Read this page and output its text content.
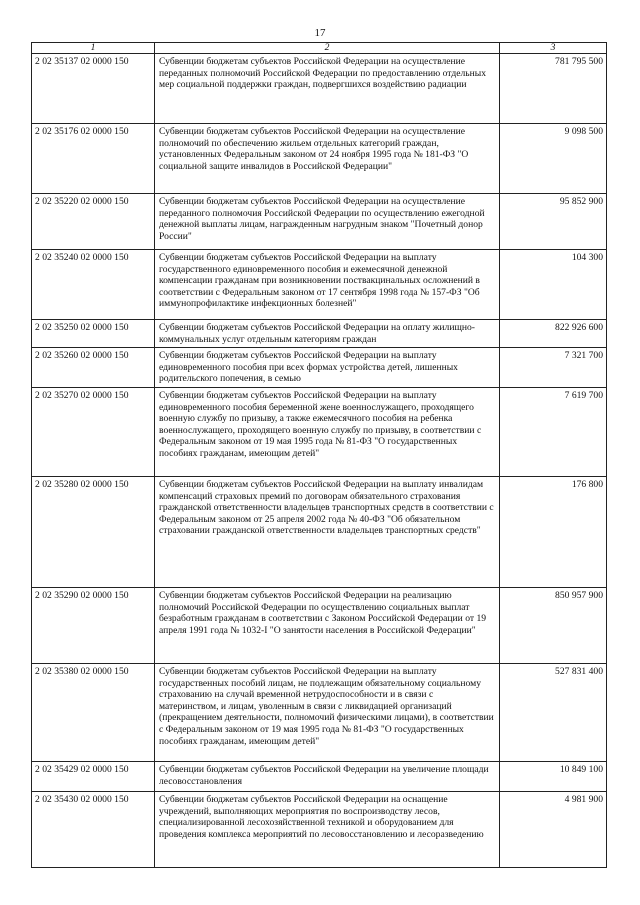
17
1	2	3
2 02 35137 02 0000 150	Субвенции бюджетам субъектов Российской Федерации на осуществление переданных полномочий Российской Федерации по предоставлению отдельных мер социальной поддержки граждан, подвергшихся воздействию радиации	781 795 500
2 02 35176 02 0000 150	Субвенции бюджетам субъектов Российской Федерации на осуществление полномочий по обеспечению жильем отдельных категорий граждан, установленных Федеральным законом от 24 ноября 1995 года № 181-ФЗ "О социальной защите инвалидов в Российской Федерации"	9 098 500
2 02 35220 02 0000 150	Субвенции бюджетам субъектов Российской Федерации на осуществление переданного полномочия Российской Федерации по осуществлению ежегодной денежной выплаты лицам, награжденным нагрудным знаком "Почетный донор России"	95 852 900
2 02 35240 02 0000 150	Субвенции бюджетам субъектов Российской Федерации на выплату государственного единовременного пособия и ежемесячной денежной компенсации гражданам при возникновении поствакцинальных осложнений в соответствии с Федеральным законом от 17 сентября 1998 года № 157-ФЗ "Об иммунопрофилактике инфекционных болезней"	104 300
2 02 35250 02 0000 150	Субвенции бюджетам субъектов Российской Федерации на оплату жилищно-коммунальных услуг отдельным категориям граждан	822 926 600
2 02 35260 02 0000 150	Субвенции бюджетам субъектов Российской Федерации на выплату единовременного пособия при всех формах устройства детей, лишенных родительского попечения, в семью	7 321 700
2 02 35270 02 0000 150	Субвенции бюджетам субъектов Российской Федерации на выплату единовременного пособия беременной жене военнослужащего, проходящего военную службу по призыву, а также ежемесячного пособия на ребенка военнослужащего, проходящего военную службу по призыву, в соответствии с Федеральным законом от 19 мая 1995 года № 81-ФЗ "О государственных пособиях гражданам, имеющим детей"	7 619 700
2 02 35280 02 0000 150	Субвенции бюджетам субъектов Российской Федерации на выплату инвалидам компенсаций страховых премий по договорам обязательного страхования гражданской ответственности владельцев транспортных средств в соответствии с Федеральным законом от 25 апреля 2002 года № 40-ФЗ "Об обязательном страховании гражданской ответственности владельцев транспортных средств"	176 800
2 02 35290 02 0000 150	Субвенции бюджетам субъектов Российской Федерации на реализацию полномочий Российской Федерации по осуществлению социальных выплат безработным гражданам в соответствии с Законом Российской Федерации от 19 апреля 1991 года № 1032-I "О занятости населения в Российской Федерации"	850 957 900
2 02 35380 02 0000 150	Субвенции бюджетам субъектов Российской Федерации на выплату государственных пособий лицам, не подлежащим обязательному социальному страхованию на случай временной нетрудоспособности и в связи с материнством, и лицам, уволенным в связи с ликвидацией организаций (прекращением деятельности, полномочий физическими лицами), в соответствии с Федеральным законом от 19 мая 1995 года № 81-ФЗ "О государственных пособиях гражданам, имеющим детей"	527 831 400
2 02 35429 02 0000 150	Субвенции бюджетам субъектов Российской Федерации на увеличение площади лесовосстановления	10 849 100
2 02 35430 02 0000 150	Субвенции бюджетам субъектов Российской Федерации на оснащение учреждений, выполняющих мероприятия по воспроизводству лесов, специализированной лесохозяйственной техникой и оборудованием для проведения комплекса мероприятий по лесовосстановлению и лесоразведению	4 981 900
